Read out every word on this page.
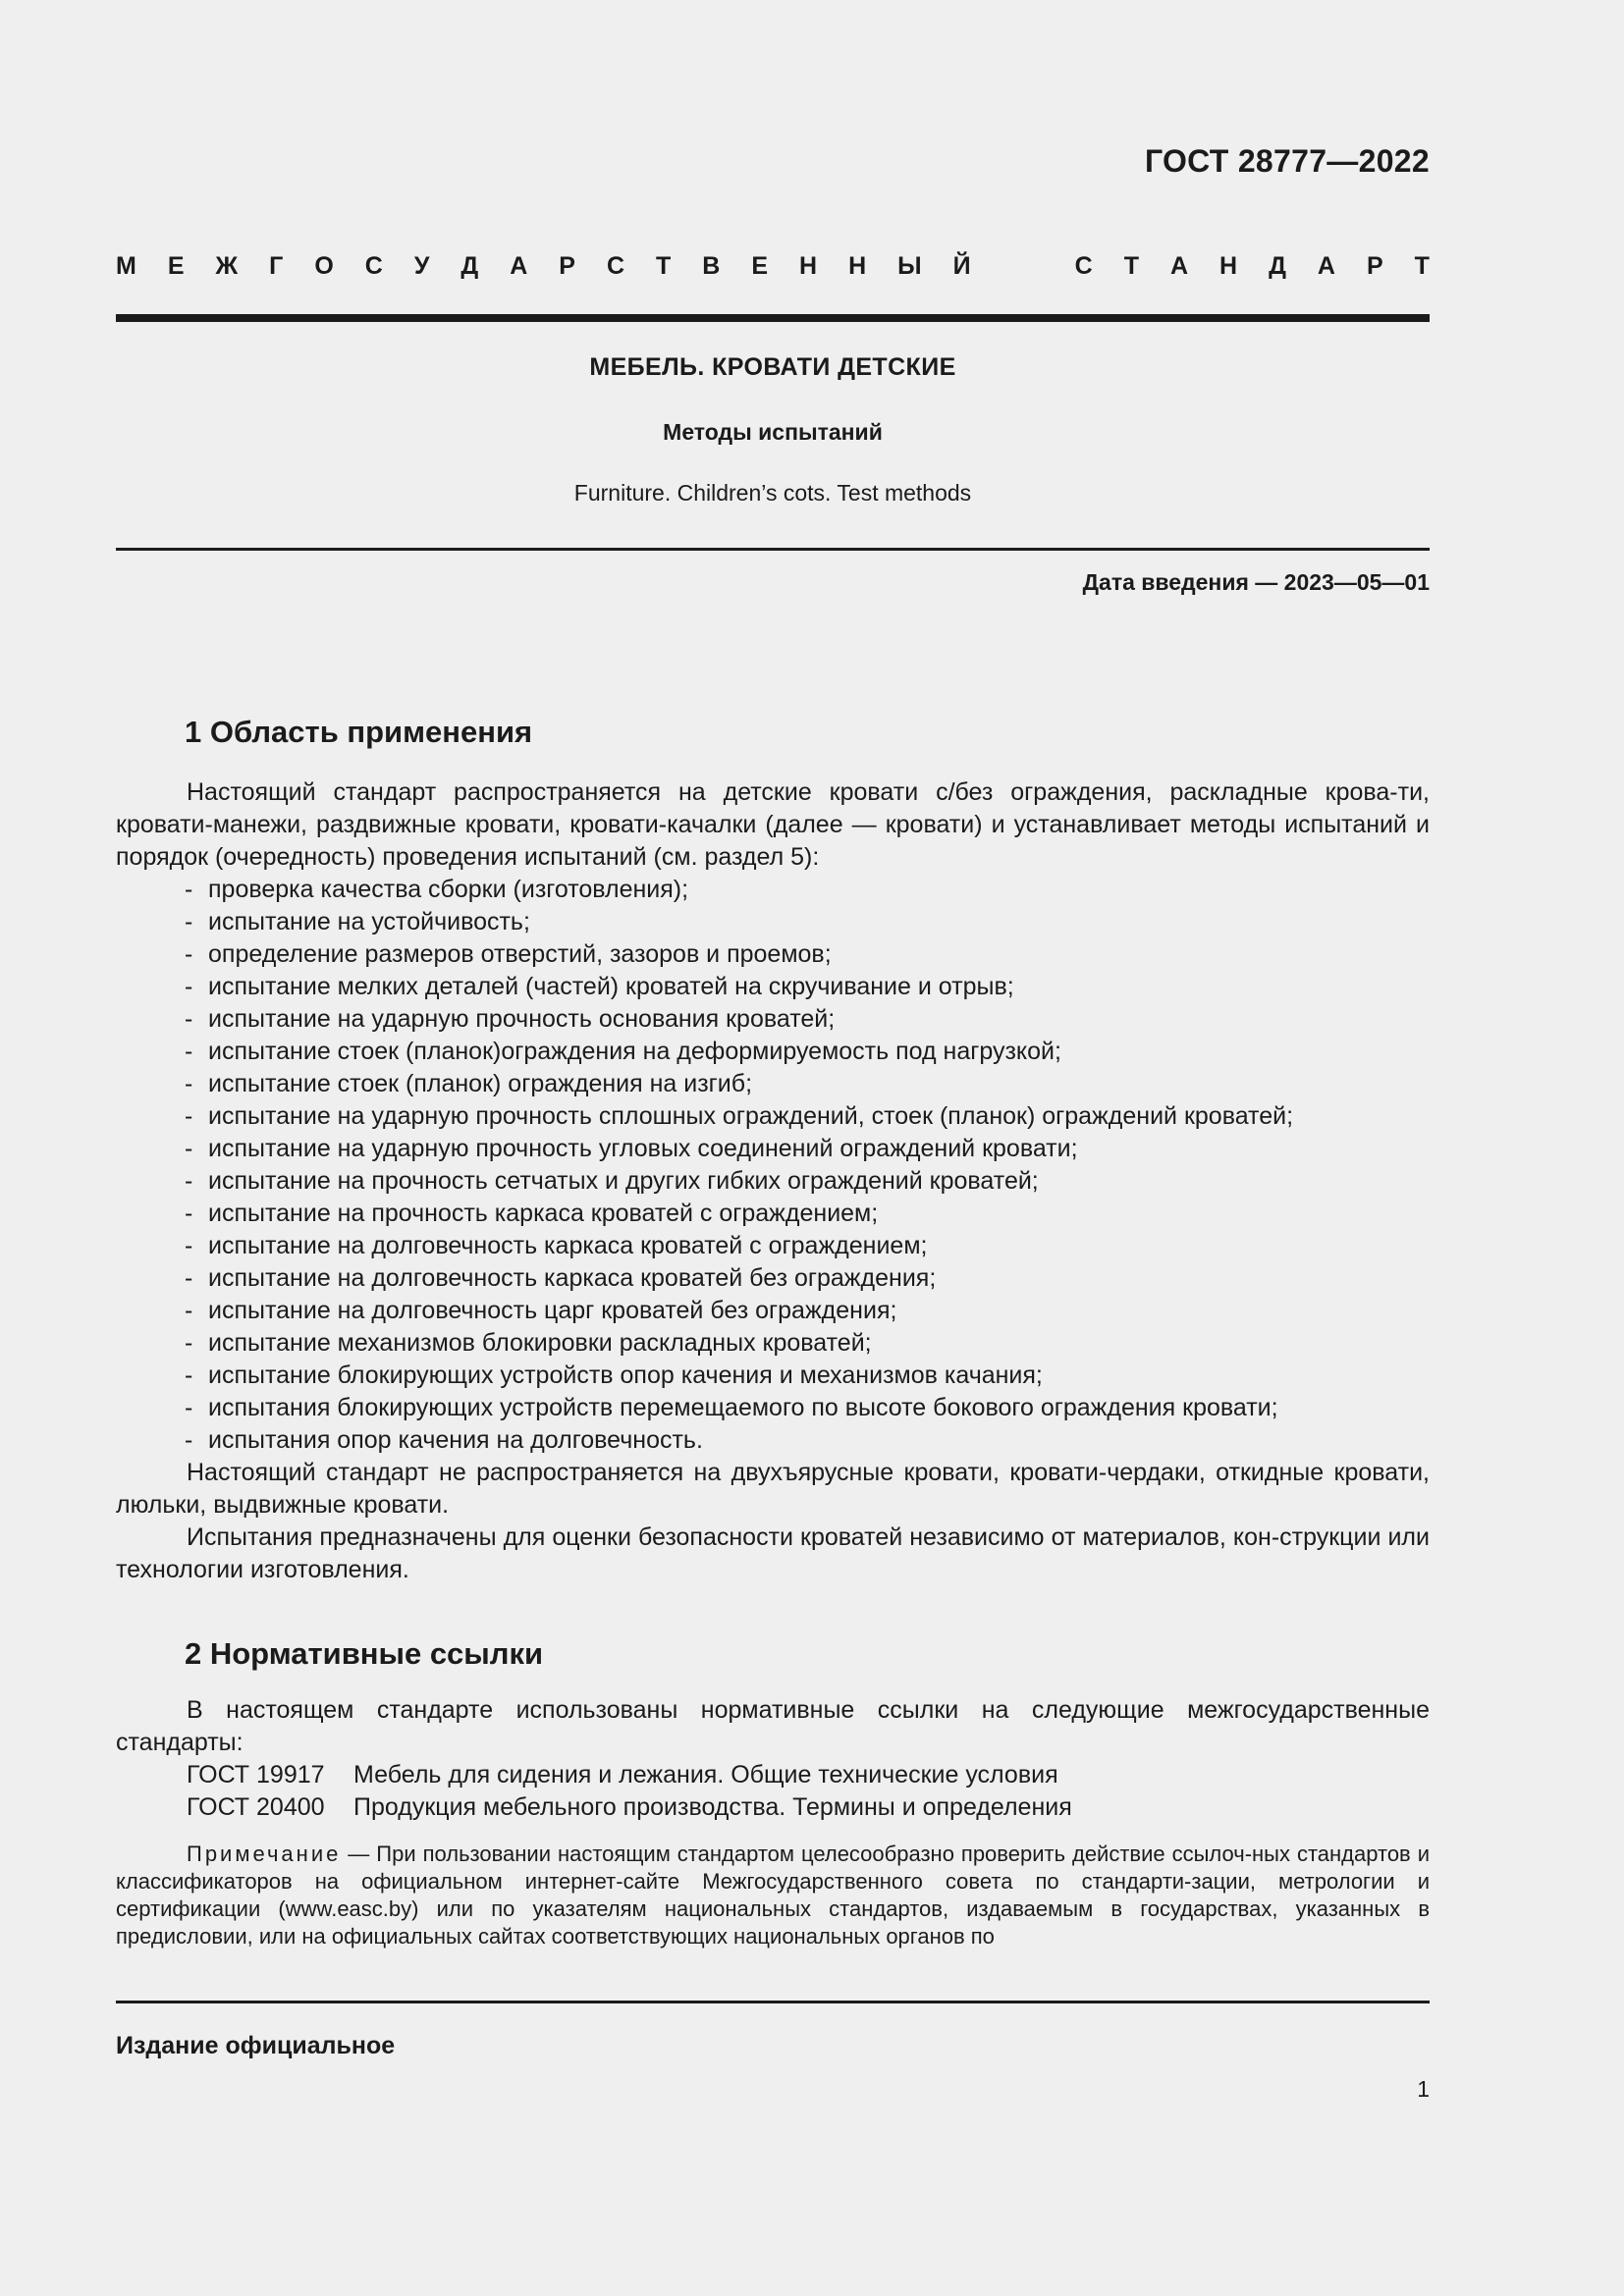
ГОСТ 28777—2022
М Е Ж Г О С У Д А Р С Т В Е Н Н Ы Й	С Т А Н Д А Р Т
МЕБЕЛЬ. КРОВАТИ ДЕТСКИЕ
Методы испытаний
Furniture. Children’s cots. Test methods
Дата введения — 2023—05—01
1 Область применения

Настоящий стандарт распространяется на детские кровати с/без ограждения, раскладные крова-ти, кровати-манежи, раздвижные кровати, кровати-качалки (далее — кровати) и устанавливает методы испытаний и порядок (очередность) проведения испытаний (см. раздел 5):

- проверка качества сборки (изготовления);
- испытание на устойчивость;
- определение размеров отверстий, зазоров и проемов;
- испытание мелких деталей (частей) кроватей на скручивание и отрыв;
- испытание на ударную прочность основания кроватей;
- испытание стоек (планок)ограждения на деформируемость под нагрузкой;
- испытание стоек (планок) ограждения на изгиб;
- испытание на ударную прочность сплошных ограждений, стоек (планок) ограждений кроватей;
- испытание на ударную прочность угловых соединений ограждений кровати;
- испытание на прочность сетчатых и других гибких ограждений кроватей;
- испытание на прочность каркаса кроватей с ограждением;
- испытание на долговечность каркаса кроватей с ограждением;
- испытание на долговечность каркаса кроватей без ограждения;
- испытание на долговечность царг кроватей без ограждения;
- испытание механизмов блокировки раскладных кроватей;
- испытание блокирующих устройств опор качения и механизмов качания;
- испытания блокирующих устройств перемещаемого по высоте бокового ограждения кровати;
- испытания опор качения на долговечность.

Настоящий стандарт не распространяется на двухъярусные кровати, кровати-чердаки, откидные кровати, люльки, выдвижные кровати.

Испытания предназначены для оценки безопасности кроватей независимо от материалов, кон-струкции или технологии изготовления.

2 Нормативные ссылки

В настоящем стандарте использованы нормативные ссылки на следующие межгосударственные стандарты:

ГОСТ 19917 Мебель для сидения и лежания. Общие технические условия
ГОСТ 20400 Продукция мебельного производства. Термины и определения

Примечание — При пользовании настоящим стандартом целесообразно проверить действие ссылоч-ных стандартов и классификаторов на официальном интернет-сайте Межгосударственного совета по стандарти-зации, метрологии и сертификации (www.easc.by) или по указателям национальных стандартов, издаваемым в государствах, указанных в предисловии, или на официальных сайтах соответствующих национальных органов по

Издание официальное
1
